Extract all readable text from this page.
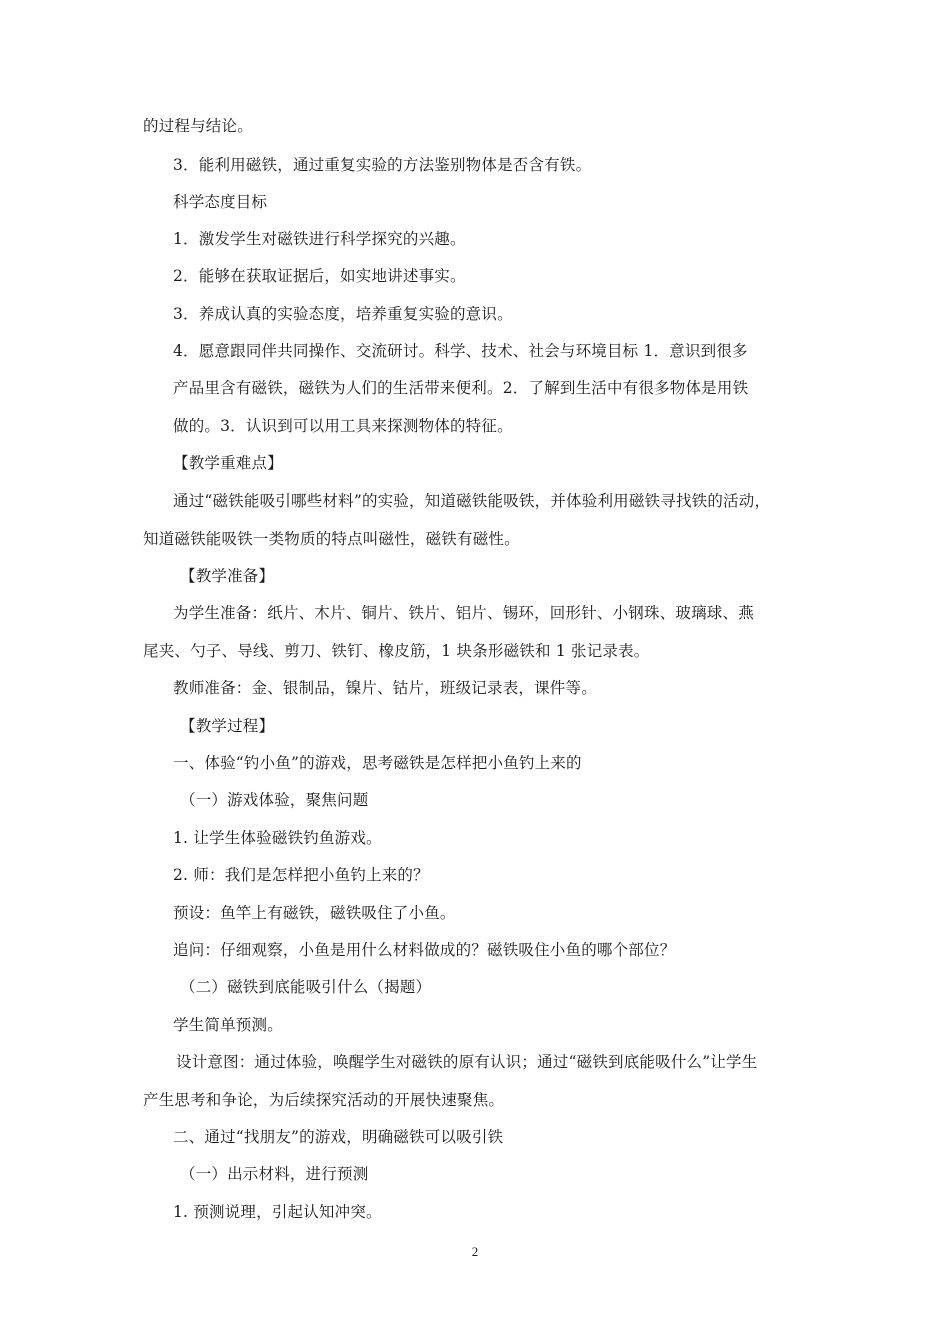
的过程与结论。
3．能利用磁铁，通过重复实验的方法鉴别物体是否含有铁。
科学态度目标
1．激发学生对磁铁进行科学探究的兴趣。
2．能够在获取证据后，如实地讲述事实。
3．养成认真的实验态度，培养重复实验的意识。
4．愿意跟同伴共同操作、交流研讨。科学、技术、社会与环境目标 1．意识到很多
产品里含有磁铁，磁铁为人们的生活带来便利。2．了解到生活中有很多物体是用铁
做的。3．认识到可以用工具来探测物体的特征。
【教学重难点】
通过“磁铁能吸引哪些材料”的实验，知道磁铁能吸铁，并体验利用磁铁寻找铁的活动，
知道磁铁能吸铁一类物质的特点叫磁性，磁铁有磁性。
【教学准备】
为学生准备：纸片、木片、铜片、铁片、铝片、锡环，回形针、小钢珠、玻璃球、燕
尾夹、勺子、导线、剪刀、铁钉、橡皮筋，1 块条形磁铁和 1 张记录表。
教师准备：金、银制品，镍片、钴片，班级记录表，课件等。
【教学过程】
一、体验“钓小鱼”的游戏，思考磁铁是怎样把小鱼钓上来的
（一）游戏体验，聚焦问题
1. 让学生体验磁铁钓鱼游戏。
2. 师：我们是怎样把小鱼钓上来的？
预设：鱼竿上有磁铁，磁铁吸住了小鱼。
追问：仔细观察，小鱼是用什么材料做成的？磁铁吸住小鱼的哪个部位？
（二）磁铁到底能吸引什么（揭题）
学生简单预测。
设计意图：通过体验，唤醒学生对磁铁的原有认识；通过“磁铁到底能吸什么”让学生
产生思考和争论，为后续探究活动的开展快速聚焦。
二、通过“找朋友”的游戏，明确磁铁可以吸引铁
（一）出示材料，进行预测
1. 预测说理，引起认知冲突。
2
